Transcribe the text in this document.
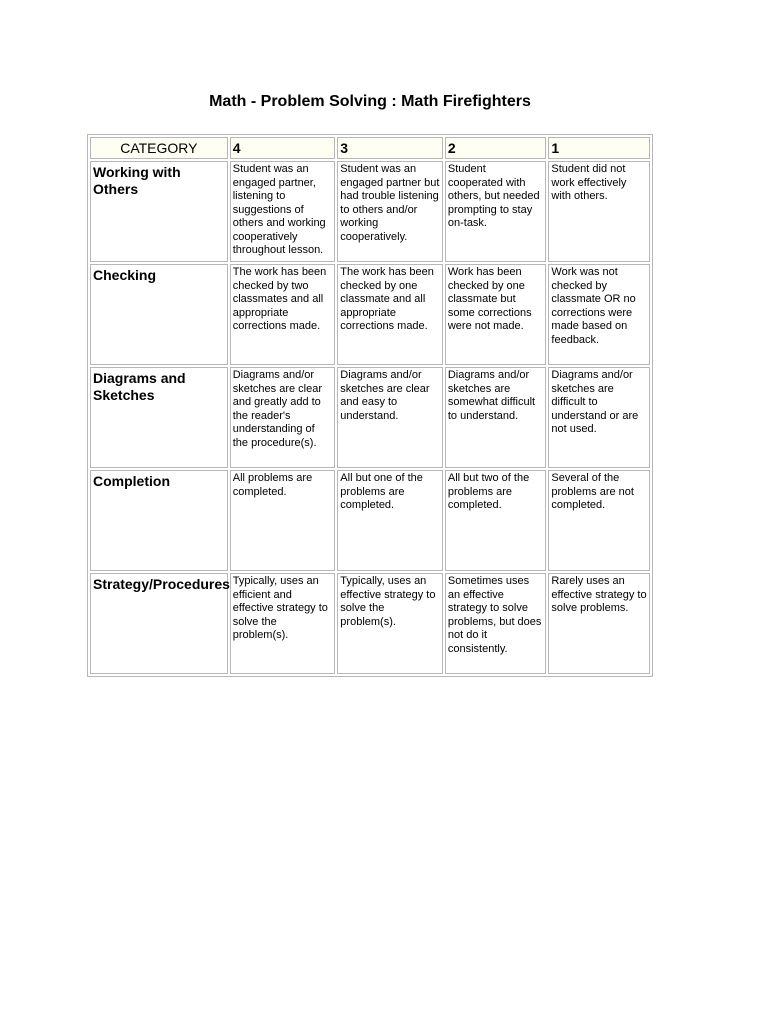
Math - Problem Solving : Math Firefighters
CATEGORY	4	3	2	1
Working with Others	Student was an engaged partner, listening to suggestions of others and working cooperatively throughout lesson.	Student was an engaged partner but had trouble listening to others and/or working cooperatively.	Student cooperated with others, but needed prompting to stay on-task.	Student did not work effectively with others.
Checking	The work has been checked by two classmates and all appropriate corrections made.	The work has been checked by one classmate and all appropriate corrections made.	Work has been checked by one classmate but some corrections were not made.	Work was not checked by classmate OR no corrections were made based on feedback.
Diagrams and Sketches	Diagrams and/or sketches are clear and greatly add to the reader's understanding of the procedure(s).	Diagrams and/or sketches are clear and easy to understand.	Diagrams and/or sketches are somewhat difficult to understand.	Diagrams and/or sketches are difficult to understand or are not used.
Completion	All problems are completed.	All but one of the problems are completed.	All but two of the problems are completed.	Several of the problems are not completed.
Strategy/Procedures	Typically, uses an efficient and effective strategy to solve the problem(s).	Typically, uses an effective strategy to solve the problem(s).	Sometimes uses an effective strategy to solve problems, but does not do it consistently.	Rarely uses an effective strategy to solve problems.
